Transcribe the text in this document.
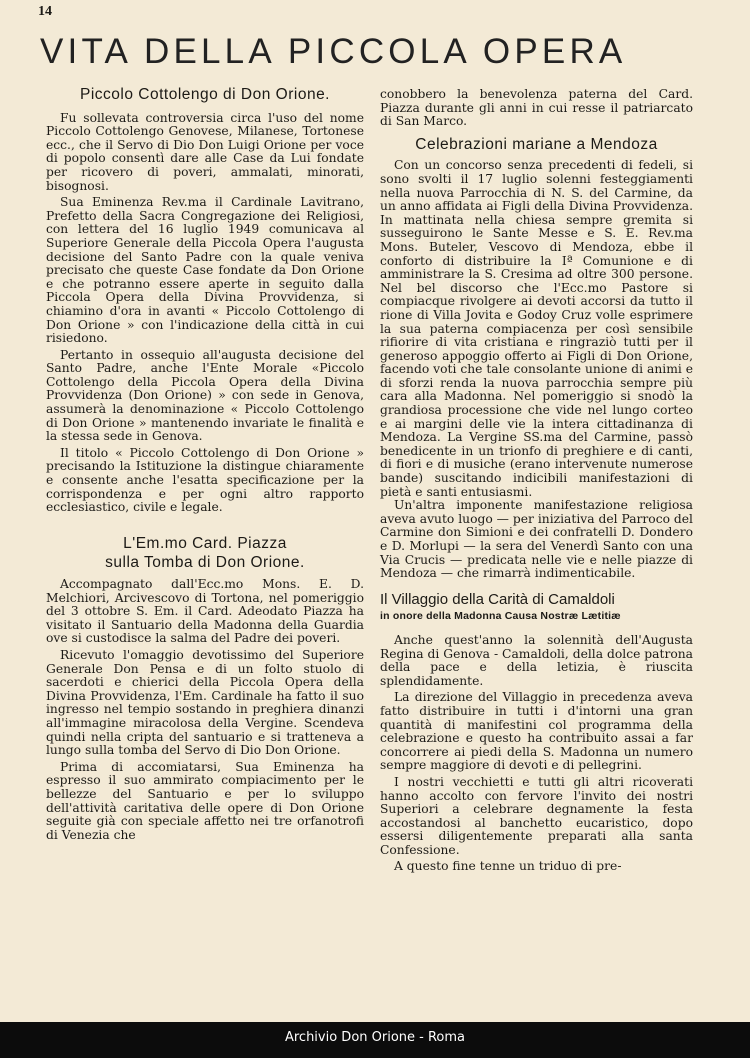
14
VITA DELLA PICCOLA OPERA
Piccolo Cottolengo di Don Orione.

Fu sollevata controversia circa l'uso del nome Piccolo Cottolengo Genovese, Milanese, Tortonese ecc., che il Servo di Dio Don Luigi Orione per voce di popolo consentì dare alle Case da Lui fondate per ricovero di poveri, ammalati, minorati, bisognosi.

Sua Eminenza Rev.ma il Cardinale Lavitrano, Prefetto della Sacra Congregazione dei Religiosi, con lettera del 16 luglio 1949 comunicava al Superiore Generale della Piccola Opera l'augusta decisione del Santo Padre con la quale veniva precisato che queste Case fondate da Don Orione e che potranno essere aperte in seguito dalla Piccola Opera della Divina Provvidenza, si chiamino d'ora in avanti « Piccolo Cottolengo di Don Orione » con l'indicazione della città in cui risiedono.

Pertanto in ossequio all'augusta decisione del Santo Padre, anche l'Ente Morale «Piccolo Cottolengo della Piccola Opera della Divina Provvidenza (Don Orione) » con sede in Genova, assumerà la denominazione « Piccolo Cottolengo di Don Orione » mantenendo invariate le finalità e la stessa sede in Genova.

Il titolo « Piccolo Cottolengo di Don Orione » precisando la Istituzione la distingue chiaramente e consente anche l'esatta specificazione per la corrispondenza e per ogni altro rapporto ecclesiastico, civile e legale.

L'Em.mo Card. Piazza
sulla Tomba di Don Orione.

Accompagnato dall'Ecc.mo Mons. E. D. Melchiori, Arcivescovo di Tortona, nel pomeriggio del 3 ottobre S. Em. il Card. Adeodato Piazza ha visitato il Santuario della Madonna della Guardia ove si custodisce la salma del Padre dei poveri.

Ricevuto l'omaggio devotissimo del Superiore Generale Don Pensa e di un folto stuolo di sacerdoti e chierici della Piccola Opera della Divina Provvidenza, l'Em. Cardinale ha fatto il suo ingresso nel tempio sostando in preghiera dinanzi all'immagine miracolosa della Vergine. Scendeva quindi nella cripta del santuario e si tratteneva a lungo sulla tomba del Servo di Dio Don Orione.

Prima di accomiatarsi, Sua Eminenza ha espresso il suo ammirato compiacimento per le bellezze del Santuario e per lo sviluppo dell'attività caritativa delle opere di Don Orione seguite già con speciale affetto nei tre orfanotrofi di Venezia che

conobbero la benevolenza paterna del Card. Piazza durante gli anni in cui resse il patriarcato di San Marco.

Celebrazioni mariane a Mendoza

Con un concorso senza precedenti di fedeli, si sono svolti il 17 luglio solenni festeggiamenti nella nuova Parrocchia di N. S. del Carmine, da un anno affidata ai Figli della Divina Provvidenza. In mattinata nella chiesa sempre gremita si susseguirono le Sante Messe e S. E. Rev.ma Mons. Buteler, Vescovo di Mendoza, ebbe il conforto di distribuire la Iª Comunione e di amministrare la S. Cresima ad oltre 300 persone. Nel bel discorso che l'Ecc.mo Pastore si compiacque rivolgere ai devoti accorsi da tutto il rione di Villa Jovita e Godoy Cruz volle esprimere la sua paterna compiacenza per così sensibile rifiorire di vita cristiana e ringraziò tutti per il generoso appoggio offerto ai Figli di Don Orione, facendo voti che tale consolante unione di animi e di sforzi renda la nuova parrocchia sempre più cara alla Madonna. Nel pomeriggio si snodò la grandiosa processione che vide nel lungo corteo e ai margini delle vie la intera cittadinanza di Mendoza. La Vergine SS.ma del Carmine, passò benedicente in un trionfo di preghiere e di canti, di fiori e di musiche (erano intervenute numerose bande) suscitando indicibili manifestazioni di pietà e santi entusiasmi.

Un'altra imponente manifestazione religiosa aveva avuto luogo — per iniziativa del Parroco del Carmine don Simioni e dei confratelli D. Dondero e D. Morlupi — la sera del Venerdì Santo con una Via Crucis — predicata nelle vie e nelle piazze di Mendoza — che rimarrà indimenticabile.

Il Villaggio della Carità di Camaldoli
in onore della Madonna Causa Nostræ Lætitiæ

Anche quest'anno la solennità dell'Augusta Regina di Genova - Camaldoli, della dolce patrona della pace e della letizia, è riuscita splendidamente.

La direzione del Villaggio in precedenza aveva fatto distribuire in tutti i d'intorni una gran quantità di manifestini col programma della celebrazione e questo ha contribuito assai a far concorrere ai piedi della S. Madonna un numero sempre maggiore di devoti e di pellegrini.

I nostri vecchietti e tutti gli altri ricoverati hanno accolto con fervore l'invito dei nostri Superiori a celebrare degnamente la festa accostandosi al banchetto eucaristico, dopo essersi diligentemente preparati alla santa Confessione.

A questo fine tenne un triduo di pre-

Archivio Don Orione - Roma
